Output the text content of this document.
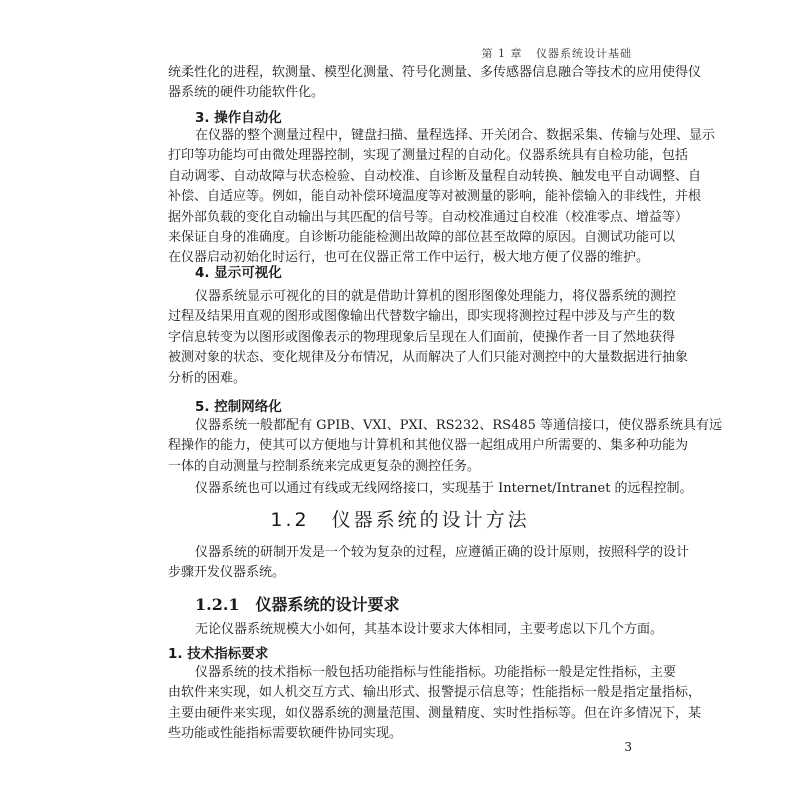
第 1 章 仪器系统设计基础
统柔性化的进程，软测量、模型化测量、符号化测量、多传感器信息融合等技术的应用使得仪
器系统的硬件功能软件化。
3. 操作自动化
在仪器的整个测量过程中，键盘扫描、量程选择、开关闭合、数据采集、传输与处理、显示
打印等功能均可由微处理器控制，实现了测量过程的自动化。仪器系统具有自检功能，包括
自动调零、自动故障与状态检验、自动校准、自诊断及量程自动转换、触发电平自动调整、自
补偿、自适应等。例如，能自动补偿环境温度等对被测量的影响，能补偿输入的非线性，并根
据外部负载的变化自动输出与其匹配的信号等。自动校准通过自校准（校准零点、增益等）
来保证自身的准确度。自诊断功能能检测出故障的部位甚至故障的原因。自测试功能可以
在仪器启动初始化时运行，也可在仪器正常工作中运行，极大地方便了仪器的维护。
4. 显示可视化
仪器系统显示可视化的目的就是借助计算机的图形图像处理能力，将仪器系统的测控
过程及结果用直观的图形或图像输出代替数字输出，即实现将测控过程中涉及与产生的数
字信息转变为以图形或图像表示的物理现象后呈现在人们面前，使操作者一目了然地获得
被测对象的状态、变化规律及分布情况，从而解决了人们只能对测控中的大量数据进行抽象
分析的困难。
5. 控制网络化
仪器系统一般都配有 GPIB、VXI、PXI、RS232、RS485 等通信接口，使仪器系统具有远
程操作的能力，使其可以方便地与计算机和其他仪器一起组成用户所需要的、集多种功能为
一体的自动测量与控制系统来完成更复杂的测控任务。
仪器系统也可以通过有线或无线网络接口，实现基于 Internet/Intranet 的远程控制。
1.2 仪器系统的设计方法
仪器系统的研制开发是一个较为复杂的过程，应遵循正确的设计原则，按照科学的设计
步骤开发仪器系统。
1.2.1 仪器系统的设计要求
无论仪器系统规模大小如何，其基本设计要求大体相同，主要考虑以下几个方面。
1. 技术指标要求
仪器系统的技术指标一般包括功能指标与性能指标。功能指标一般是定性指标，主要
由软件来实现，如人机交互方式、输出形式、报警提示信息等；性能指标一般是指定量指标，
主要由硬件来实现，如仪器系统的测量范围、测量精度、实时性指标等。但在许多情况下，某
些功能或性能指标需要软硬件协同实现。
3
